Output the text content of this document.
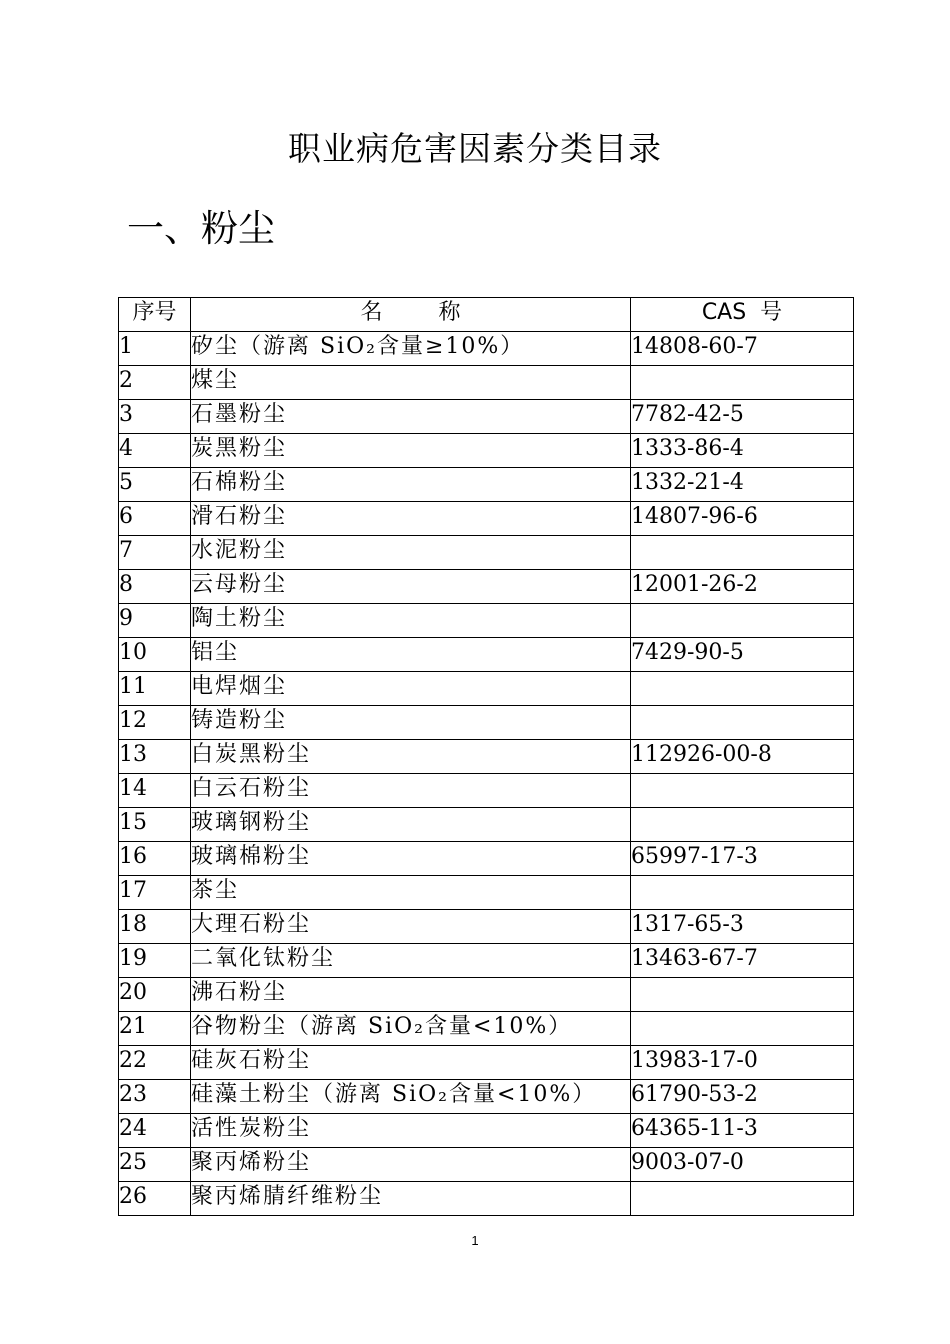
职业病危害因素分类目录
一、粉尘
序号	名        称	CAS  号
1	矽尘（游离 SiO₂含量≥10%）	14808-60-7
2	煤尘	
3	石墨粉尘	7782-42-5
4	炭黑粉尘	1333-86-4
5	石棉粉尘	1332-21-4
6	滑石粉尘	14807-96-6
7	水泥粉尘	
8	云母粉尘	12001-26-2
9	陶土粉尘	
10	铝尘	7429-90-5
11	电焊烟尘	
12	铸造粉尘	
13	白炭黑粉尘	112926-00-8
14	白云石粉尘	
15	玻璃钢粉尘	
16	玻璃棉粉尘	65997-17-3
17	茶尘	
18	大理石粉尘	1317-65-3
19	二氧化钛粉尘	13463-67-7
20	沸石粉尘	
21	谷物粉尘（游离 SiO₂含量<10%）	
22	硅灰石粉尘	13983-17-0
23	硅藻土粉尘（游离 SiO₂含量<10%）	61790-53-2
24	活性炭粉尘	64365-11-3
25	聚丙烯粉尘	9003-07-0
26	聚丙烯腈纤维粉尘	
1
